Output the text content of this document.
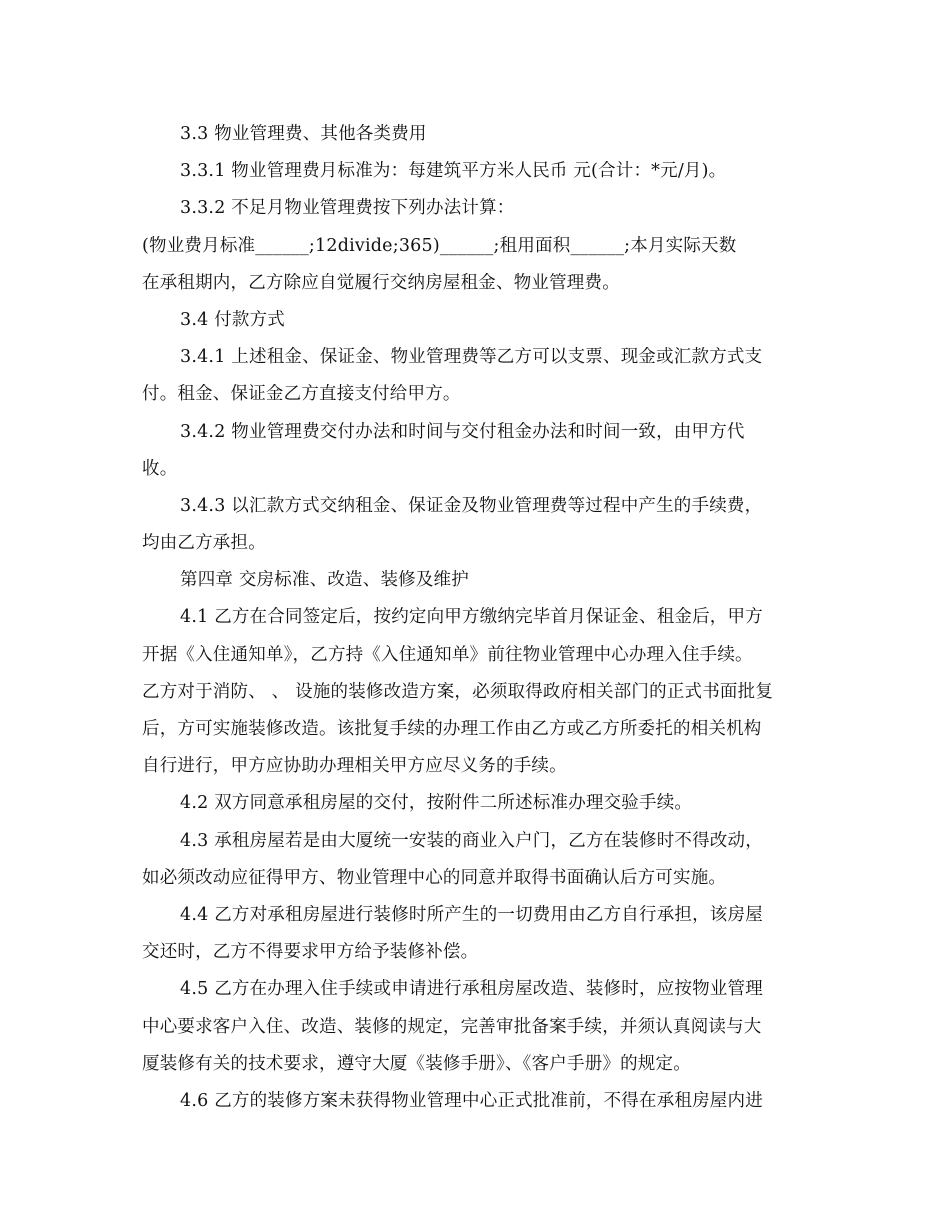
3.3 物业管理费、其他各类费用
3.3.1 物业管理费月标准为：每建筑平方米人民币 元(合计：*元/月)。
3.3.2 不足月物业管理费按下列办法计算：
(物业费月标准______;12divide;365)______;租用面积______;本月实际天数
在承租期内，乙方除应自觉履行交纳房屋租金、物业管理费。
3.4 付款方式
3.4.1 上述租金、保证金、物业管理费等乙方可以支票、现金或汇款方式支
付。租金、保证金乙方直接支付给甲方。
3.4.2 物业管理费交付办法和时间与交付租金办法和时间一致，由甲方代
收。
3.4.3 以汇款方式交纳租金、保证金及物业管理费等过程中产生的手续费，
均由乙方承担。
第四章 交房标准、改造、装修及维护
4.1 乙方在合同签定后，按约定向甲方缴纳完毕首月保证金、租金后，甲方
开据《入住通知单》，乙方持《入住通知单》前往物业管理中心办理入住手续。
乙方对于消防、 、 设施的装修改造方案，必须取得政府相关部门的正式书面批复
后，方可实施装修改造。该批复手续的办理工作由乙方或乙方所委托的相关机构
自行进行，甲方应协助办理相关甲方应尽义务的手续。
4.2 双方同意承租房屋的交付，按附件二所述标准办理交验手续。
4.3 承租房屋若是由大厦统一安装的商业入户门，乙方在装修时不得改动，
如必须改动应征得甲方、物业管理中心的同意并取得书面确认后方可实施。
4.4 乙方对承租房屋进行装修时所产生的一切费用由乙方自行承担，该房屋
交还时，乙方不得要求甲方给予装修补偿。
4.5 乙方在办理入住手续或申请进行承租房屋改造、装修时，应按物业管理
中心要求客户入住、改造、装修的规定，完善审批备案手续，并须认真阅读与大
厦装修有关的技术要求，遵守大厦《装修手册》、《客户手册》的规定。
4.6 乙方的装修方案未获得物业管理中心正式批准前，不得在承租房屋内进
